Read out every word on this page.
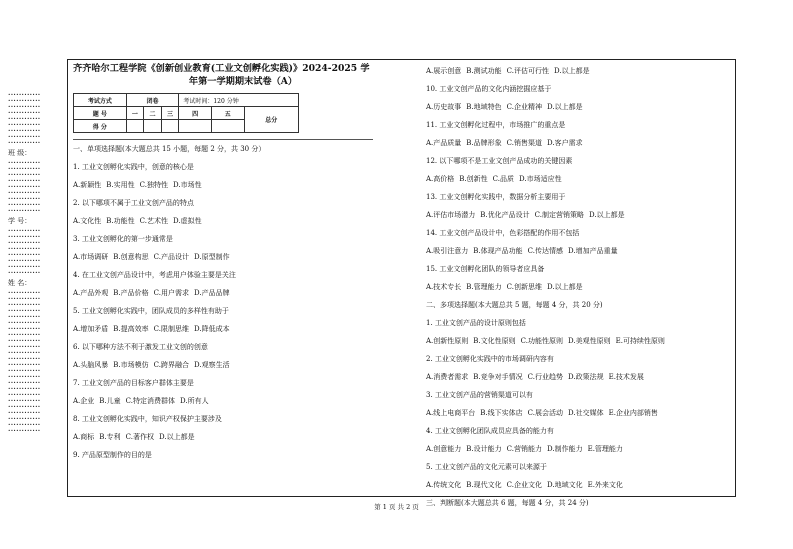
••••••••••••
••••••••••••
••••••••••••
••••••••••••
••••••••••••
••••••••••••
••••••••••••
••••••••••••
••••••••••••
班 级：
••••••••••••
••••••••••••
••••••••••••
••••••••••••
••••••••••••
••••••••••••
••••••••••••
••••••••••••
••••••••••••
学 号：
••••••••••••
••••••••••••
••••••••••••
••••••••••••
••••••••••••
••••••••••••
••••••••••••
••••••••••••
姓 名：
••••••••••••
••••••••••••
••••••••••••
••••••••••••
••••••••••••
••••••••••••
••••••••••••
••••••••••••
••••••••••••
••••••••••••
••••••••••••
••••••••••••
••••••••••••
••••••••••••
••••••••••••
••••••••••••
••••••••••••
••••••••••••
••••••••••••
••••••••••••
••••••••••••
••••••••••••
••••••••••••
••••••••••••
齐齐哈尔工程学院《创新创业教育(工业文创孵化实践)》2024-2025 学
年第一学期期末试卷（A）
考试方式	闭卷			考试时间：120 分钟		
题 号	一	二	三	四	五	总分
得 分						
一、单项选择题(本大题总共 15 小题，每题 2 分，共 30 分）
1. 工业文创孵化实践中，创意的核心是
A.新颖性 B.实用性 C.独特性 D.市场性
2. 以下哪项不属于工业文创产品的特点
A.文化性 B.功能性 C.艺术性 D.虚拟性
3. 工业文创孵化的第一步通常是
A.市场调研 B.创意构思 C.产品设计 D.原型制作
4. 在工业文创产品设计中，考虑用户体验主要是关注
A.产品外观 B.产品价格 C.用户需求 D.产品品牌
5. 工业文创孵化实践中，团队成员的多样性有助于
A.增加矛盾 B.提高效率 C.限制思维 D.降低成本
6. 以下哪种方法不利于激发工业文创的创意
A.头脑风暴 B.市场模仿 C.跨界融合 D.观察生活
7. 工业文创产品的目标客户群体主要是
A.企业 B.儿童 C.特定消费群体 D.所有人
8. 工业文创孵化实践中，知识产权保护主要涉及
A.商标 B.专利 C.著作权 D.以上都是
9. 产品原型制作的目的是
A.展示创意 B.测试功能 C.评估可行性 D.以上都是
10. 工业文创产品的文化内涵挖掘应基于
A.历史故事 B.地域特色 C.企业精神 D.以上都是
11. 工业文创孵化过程中，市场推广的重点是
A.产品质量 B.品牌形象 C.销售渠道 D.客户需求
12. 以下哪项不是工业文创产品成功的关键因素
A.高价格 B.创新性 C.品质 D.市场适应性
13. 工业文创孵化实践中，数据分析主要用于
A.评估市场潜力 B.优化产品设计 C.制定营销策略 D.以上都是
14. 工业文创产品设计中，色彩搭配的作用不包括
A.吸引注意力 B.体现产品功能 C.传达情感 D.增加产品重量
15. 工业文创孵化团队的领导者应具备
A.技术专长 B.管理能力 C.创新思维 D.以上都是
二、多项选择题(本大题总共 5 题，每题 4 分，共 20 分)
1. 工业文创产品的设计原则包括
A.创新性原则 B.文化性原则 C.功能性原则 D.美观性原则 E.可持续性原则
2. 工业文创孵化实践中的市场调研内容有
A.消费者需求 B.竞争对手情况 C.行业趋势 D.政策法规 E.技术发展
3. 工业文创产品的营销渠道可以有
A.线上电商平台 B.线下实体店 C.展会活动 D.社交媒体 E.企业内部销售
4. 工业文创孵化团队成员应具备的能力有
A.创意能力 B.设计能力 C.营销能力 D.制作能力 E.管理能力
5. 工业文创产品的文化元素可以来源于
A.传统文化 B.现代文化 C.企业文化 D.地域文化 E.外来文化
三、判断题(本大题总共 6 题，每题 4 分，共 24 分)
第 1 页 共 2 页
